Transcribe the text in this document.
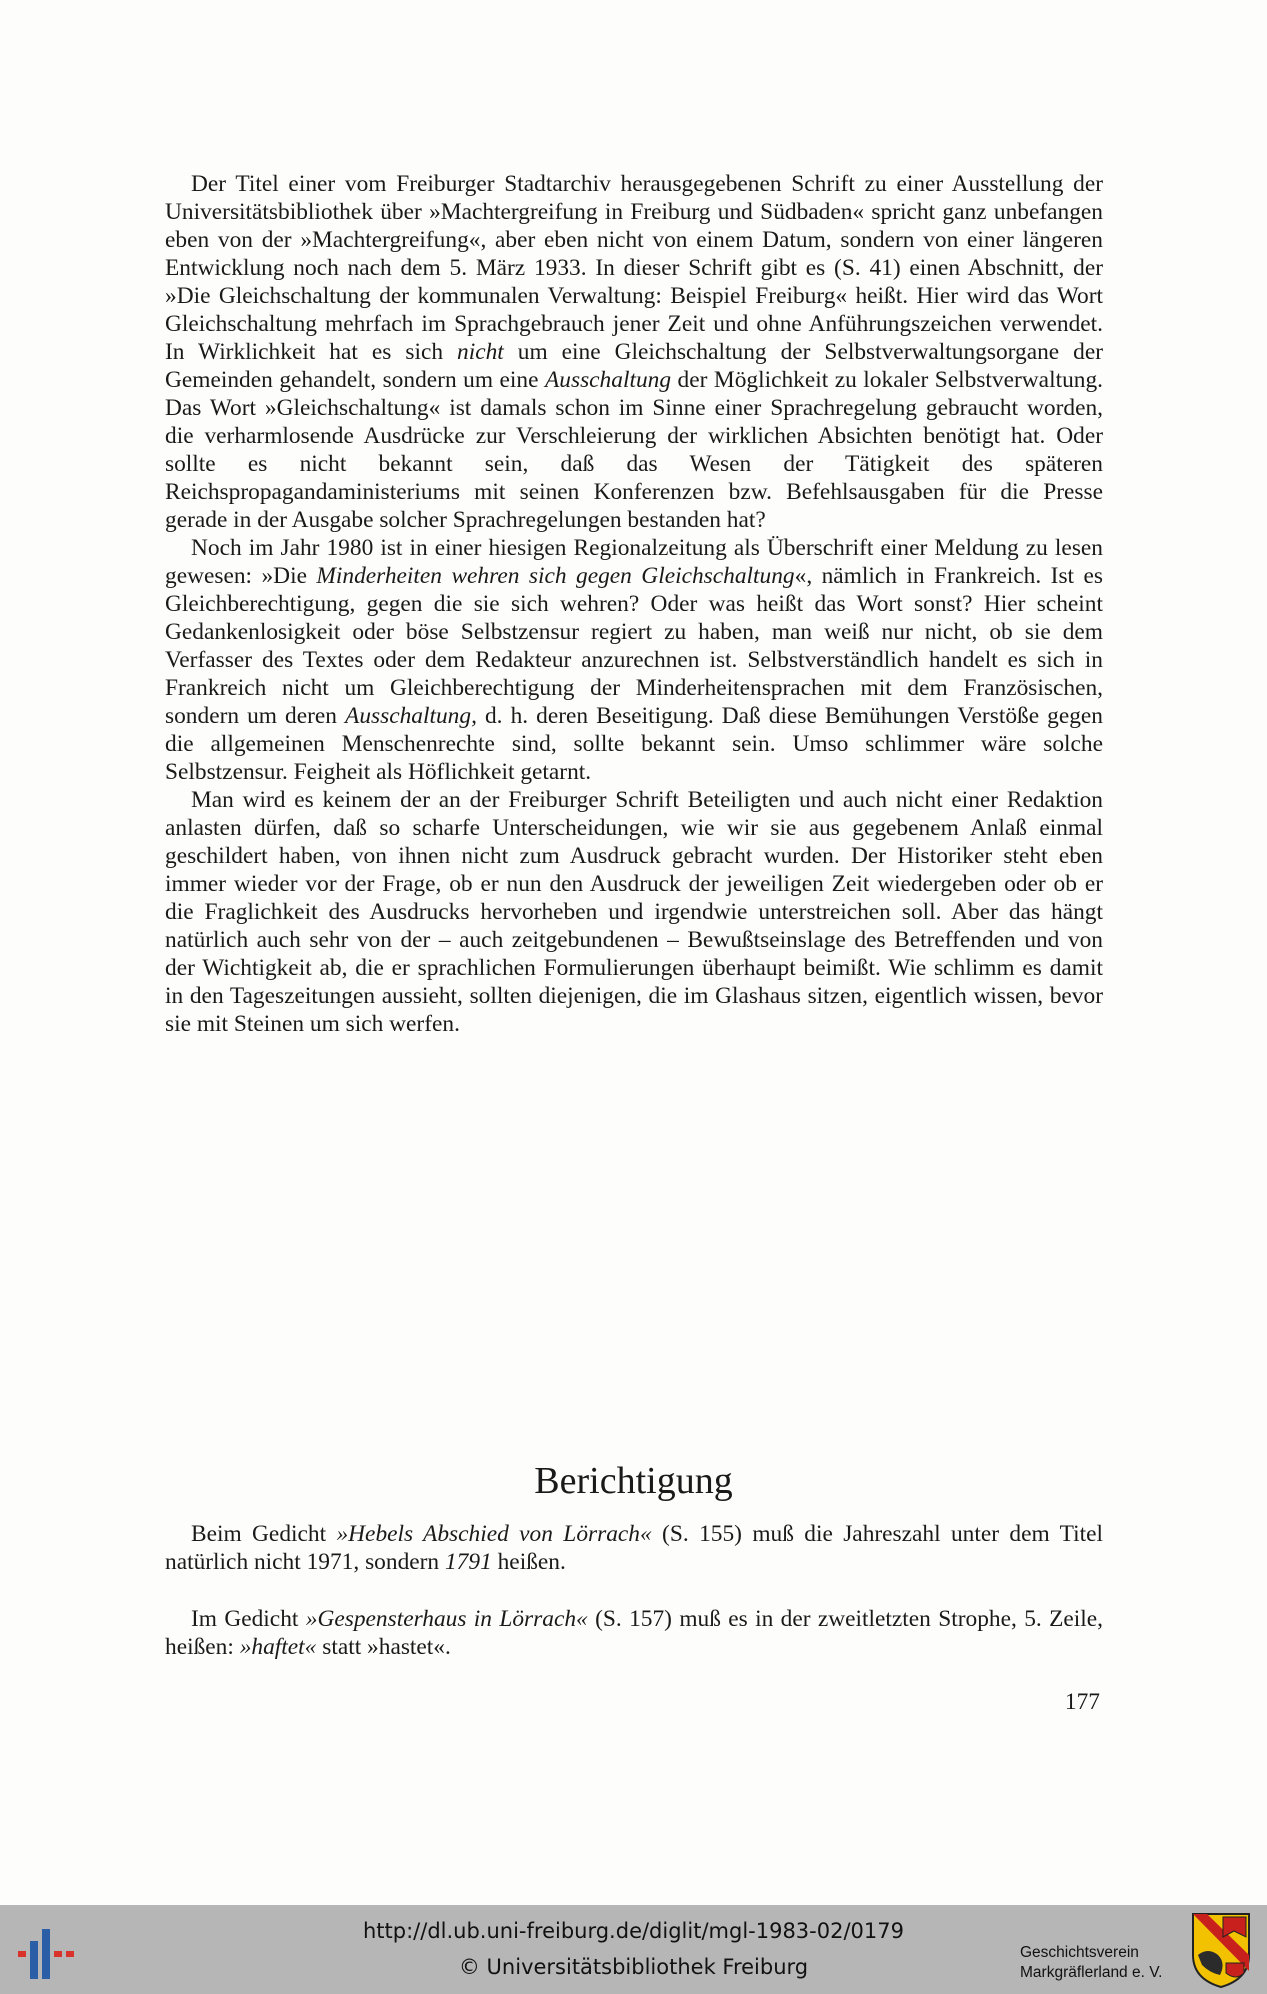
Der Titel einer vom Freiburger Stadtarchiv herausgegebenen Schrift zu einer Ausstellung der Universitätsbibliothek über »Machtergreifung in Freiburg und Südbaden« spricht ganz unbefangen eben von der »Machtergreifung«, aber eben nicht von einem Datum, sondern von einer längeren Entwicklung noch nach dem 5. März 1933. In dieser Schrift gibt es (S. 41) einen Abschnitt, der »Die Gleichschaltung der kommunalen Verwaltung: Beispiel Freiburg« heißt. Hier wird das Wort Gleichschaltung mehrfach im Sprachgebrauch jener Zeit und ohne Anführungszeichen verwendet. In Wirklichkeit hat es sich nicht um eine Gleichschaltung der Selbstverwaltungsorgane der Gemeinden gehandelt, sondern um eine Ausschaltung der Möglichkeit zu lokaler Selbstverwaltung. Das Wort »Gleichschaltung« ist damals schon im Sinne einer Sprachregelung gebraucht worden, die verharmlosende Ausdrücke zur Verschleierung der wirklichen Absichten benötigt hat. Oder sollte es nicht bekannt sein, daß das Wesen der Tätigkeit des späteren Reichspropagandaministeriums mit seinen Konferenzen bzw. Befehlsausgaben für die Presse gerade in der Ausgabe solcher Sprachregelungen bestanden hat?

Noch im Jahr 1980 ist in einer hiesigen Regionalzeitung als Überschrift einer Meldung zu lesen gewesen: »Die Minderheiten wehren sich gegen Gleichschaltung«, nämlich in Frankreich. Ist es Gleichberechtigung, gegen die sie sich wehren? Oder was heißt das Wort sonst? Hier scheint Gedankenlosigkeit oder böse Selbstzensur regiert zu haben, man weiß nur nicht, ob sie dem Verfasser des Textes oder dem Redakteur anzurechnen ist. Selbstverständlich handelt es sich in Frankreich nicht um Gleichberechtigung der Minderheitensprachen mit dem Französischen, sondern um deren Ausschaltung, d. h. deren Beseitigung. Daß diese Bemühungen Verstöße gegen die allgemeinen Menschenrechte sind, sollte bekannt sein. Umso schlimmer wäre solche Selbstzensur. Feigheit als Höflichkeit getarnt.

Man wird es keinem der an der Freiburger Schrift Beteiligten und auch nicht einer Redaktion anlasten dürfen, daß so scharfe Unterscheidungen, wie wir sie aus gegebenem Anlaß einmal geschildert haben, von ihnen nicht zum Ausdruck gebracht wurden. Der Historiker steht eben immer wieder vor der Frage, ob er nun den Ausdruck der jeweiligen Zeit wiedergeben oder ob er die Fraglichkeit des Ausdrucks hervorheben und irgendwie unterstreichen soll. Aber das hängt natürlich auch sehr von der – auch zeitgebundenen – Bewußtseinslage des Betreffenden und von der Wichtigkeit ab, die er sprachlichen Formulierungen überhaupt beimißt. Wie schlimm es damit in den Tageszeitungen aussieht, sollten diejenigen, die im Glashaus sitzen, eigentlich wissen, bevor sie mit Steinen um sich werfen.

Berichtigung

Beim Gedicht »Hebels Abschied von Lörrach« (S. 155) muß die Jahreszahl unter dem Titel natürlich nicht 1971, sondern 1791 heißen.

Im Gedicht »Gespensterhaus in Lörrach« (S. 157) muß es in der zweitletzten Strophe, 5. Zeile, heißen: »haftet« statt »hastet«.

177
http://dl.ub.uni-freiburg.de/diglit/mgl-1983-02/0179
© Universitätsbibliothek Freiburg
Geschichtsverein
Markgräflerland e. V.
